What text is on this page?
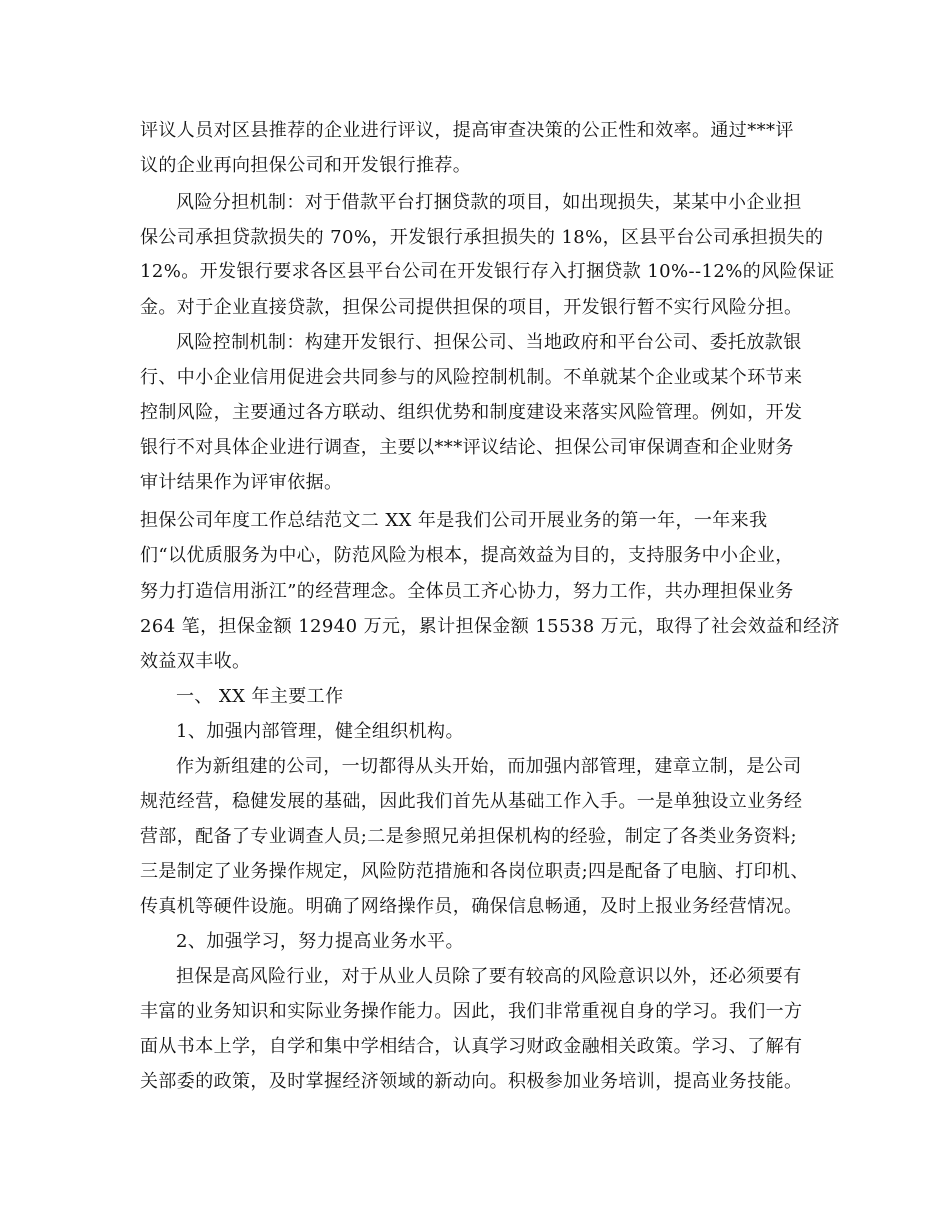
评议人员对区县推荐的企业进行评议，提高审查决策的公正性和效率。通过***评
议的企业再向担保公司和开发银行推荐。
风险分担机制：对于借款平台打捆贷款的项目，如出现损失，某某中小企业担
保公司承担贷款损失的 70%，开发银行承担损失的 18%，区县平台公司承担损失的
12%。开发银行要求各区县平台公司在开发银行存入打捆贷款 10%--12%的风险保证
金。对于企业直接贷款，担保公司提供担保的项目，开发银行暂不实行风险分担。
风险控制机制：构建开发银行、担保公司、当地政府和平台公司、委托放款银
行、中小企业信用促进会共同参与的风险控制机制。不单就某个企业或某个环节来
控制风险，主要通过各方联动、组织优势和制度建设来落实风险管理。例如，开发
银行不对具体企业进行调查，主要以***评议结论、担保公司审保调查和企业财务
审计结果作为评审依据。
担保公司年度工作总结范文二 XX 年是我们公司开展业务的第一年，一年来我
们“以优质服务为中心，防范风险为根本，提高效益为目的，支持服务中小企业，
努力打造信用浙江”的经营理念。全体员工齐心协力，努力工作，共办理担保业务
264 笔，担保金额 12940 万元，累计担保金额 15538 万元，取得了社会效益和经济
效益双丰收。
一、 XX 年主要工作
1、加强内部管理，健全组织机构。
作为新组建的公司，一切都得从头开始，而加强内部管理，建章立制，是公司
规范经营，稳健发展的基础，因此我们首先从基础工作入手。一是单独设立业务经
营部，配备了专业调查人员;二是参照兄弟担保机构的经验，制定了各类业务资料;
三是制定了业务操作规定，风险防范措施和各岗位职责;四是配备了电脑、打印机、
传真机等硬件设施。明确了网络操作员，确保信息畅通，及时上报业务经营情况。
2、加强学习，努力提高业务水平。
担保是高风险行业，对于从业人员除了要有较高的风险意识以外，还必须要有
丰富的业务知识和实际业务操作能力。因此，我们非常重视自身的学习。我们一方
面从书本上学，自学和集中学相结合，认真学习财政金融相关政策。学习、了解有
关部委的政策，及时掌握经济领域的新动向。积极参加业务培训，提高业务技能。
